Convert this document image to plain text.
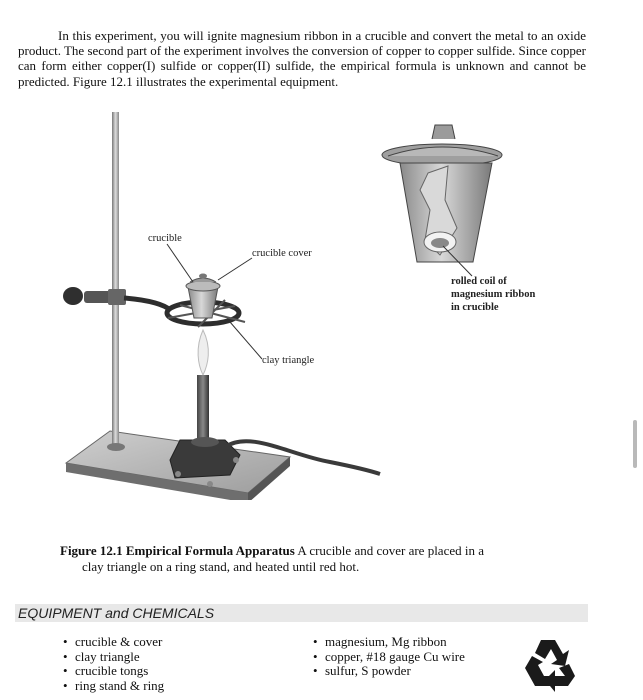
In this experiment, you will ignite magnesium ribbon in a crucible and convert the metal to an oxide product. The second part of the experiment involves the conversion of copper to copper sulfide. Since copper can form either copper(I) sulfide or copper(II) sulfide, the empirical formula is unknown and cannot be predicted. Figure 12.1 illustrates the experimental equipment.

crucible
crucible cover
clay triangle
rolled coil of
magnesium ribbon
in crucible
Figure 12.1 Empirical Formula Apparatus A crucible and cover are placed in a
clay triangle on a ring stand, and heated until red hot.
EQUIPMENT and CHEMICALS
• crucible & cover
• clay triangle
• crucible tongs
• ring stand & ring
• magnesium, Mg ribbon
• copper, #18 gauge Cu wire
• sulfur, S powder
